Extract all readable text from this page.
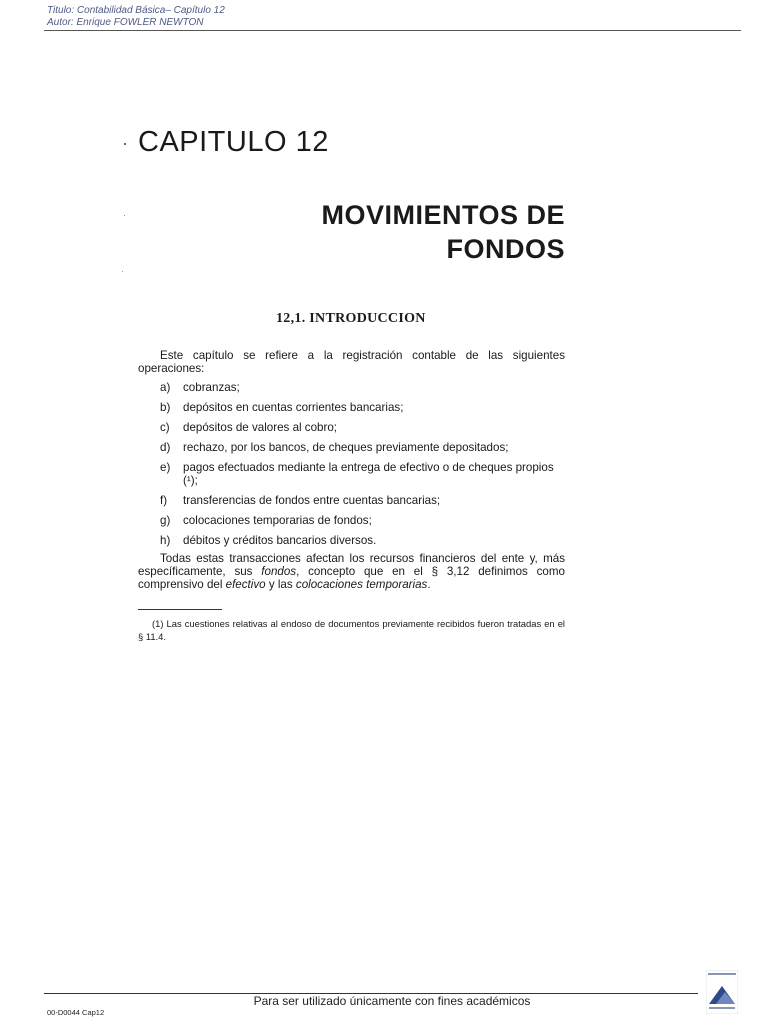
Titulo: Contabilidad Básica– Capítulo 12
Autor: Enrique FOWLER NEWTON
CAPITULO 12
MOVIMIENTOS DE
FONDOS
12,1. INTRODUCCION

Este capítulo se refiere a la registración contable de las siguientes operaciones:

a) cobranzas;
b) depósitos en cuentas corrientes bancarias;
c) depósitos de valores al cobro;
d) rechazo, por los bancos, de cheques previamente depositados;
e) pagos efectuados mediante la entrega de efectivo o de cheques propios (¹);
f) transferencias de fondos entre cuentas bancarias;
g) colocaciones temporarias de fondos;
h) débitos y créditos bancarios diversos.

Todas estas transacciones afectan los recursos financieros del ente y, más específicamente, sus fondos, concepto que en el § 3,12 definimos como comprensivo del efectivo y las colocaciones temporarias.

(1) Las cuestiones relativas al endoso de documentos previamente recibidos fueron tratadas en el § 11.4.
Para ser utilizado únicamente con fines académicos
00-D0044 Cap12
